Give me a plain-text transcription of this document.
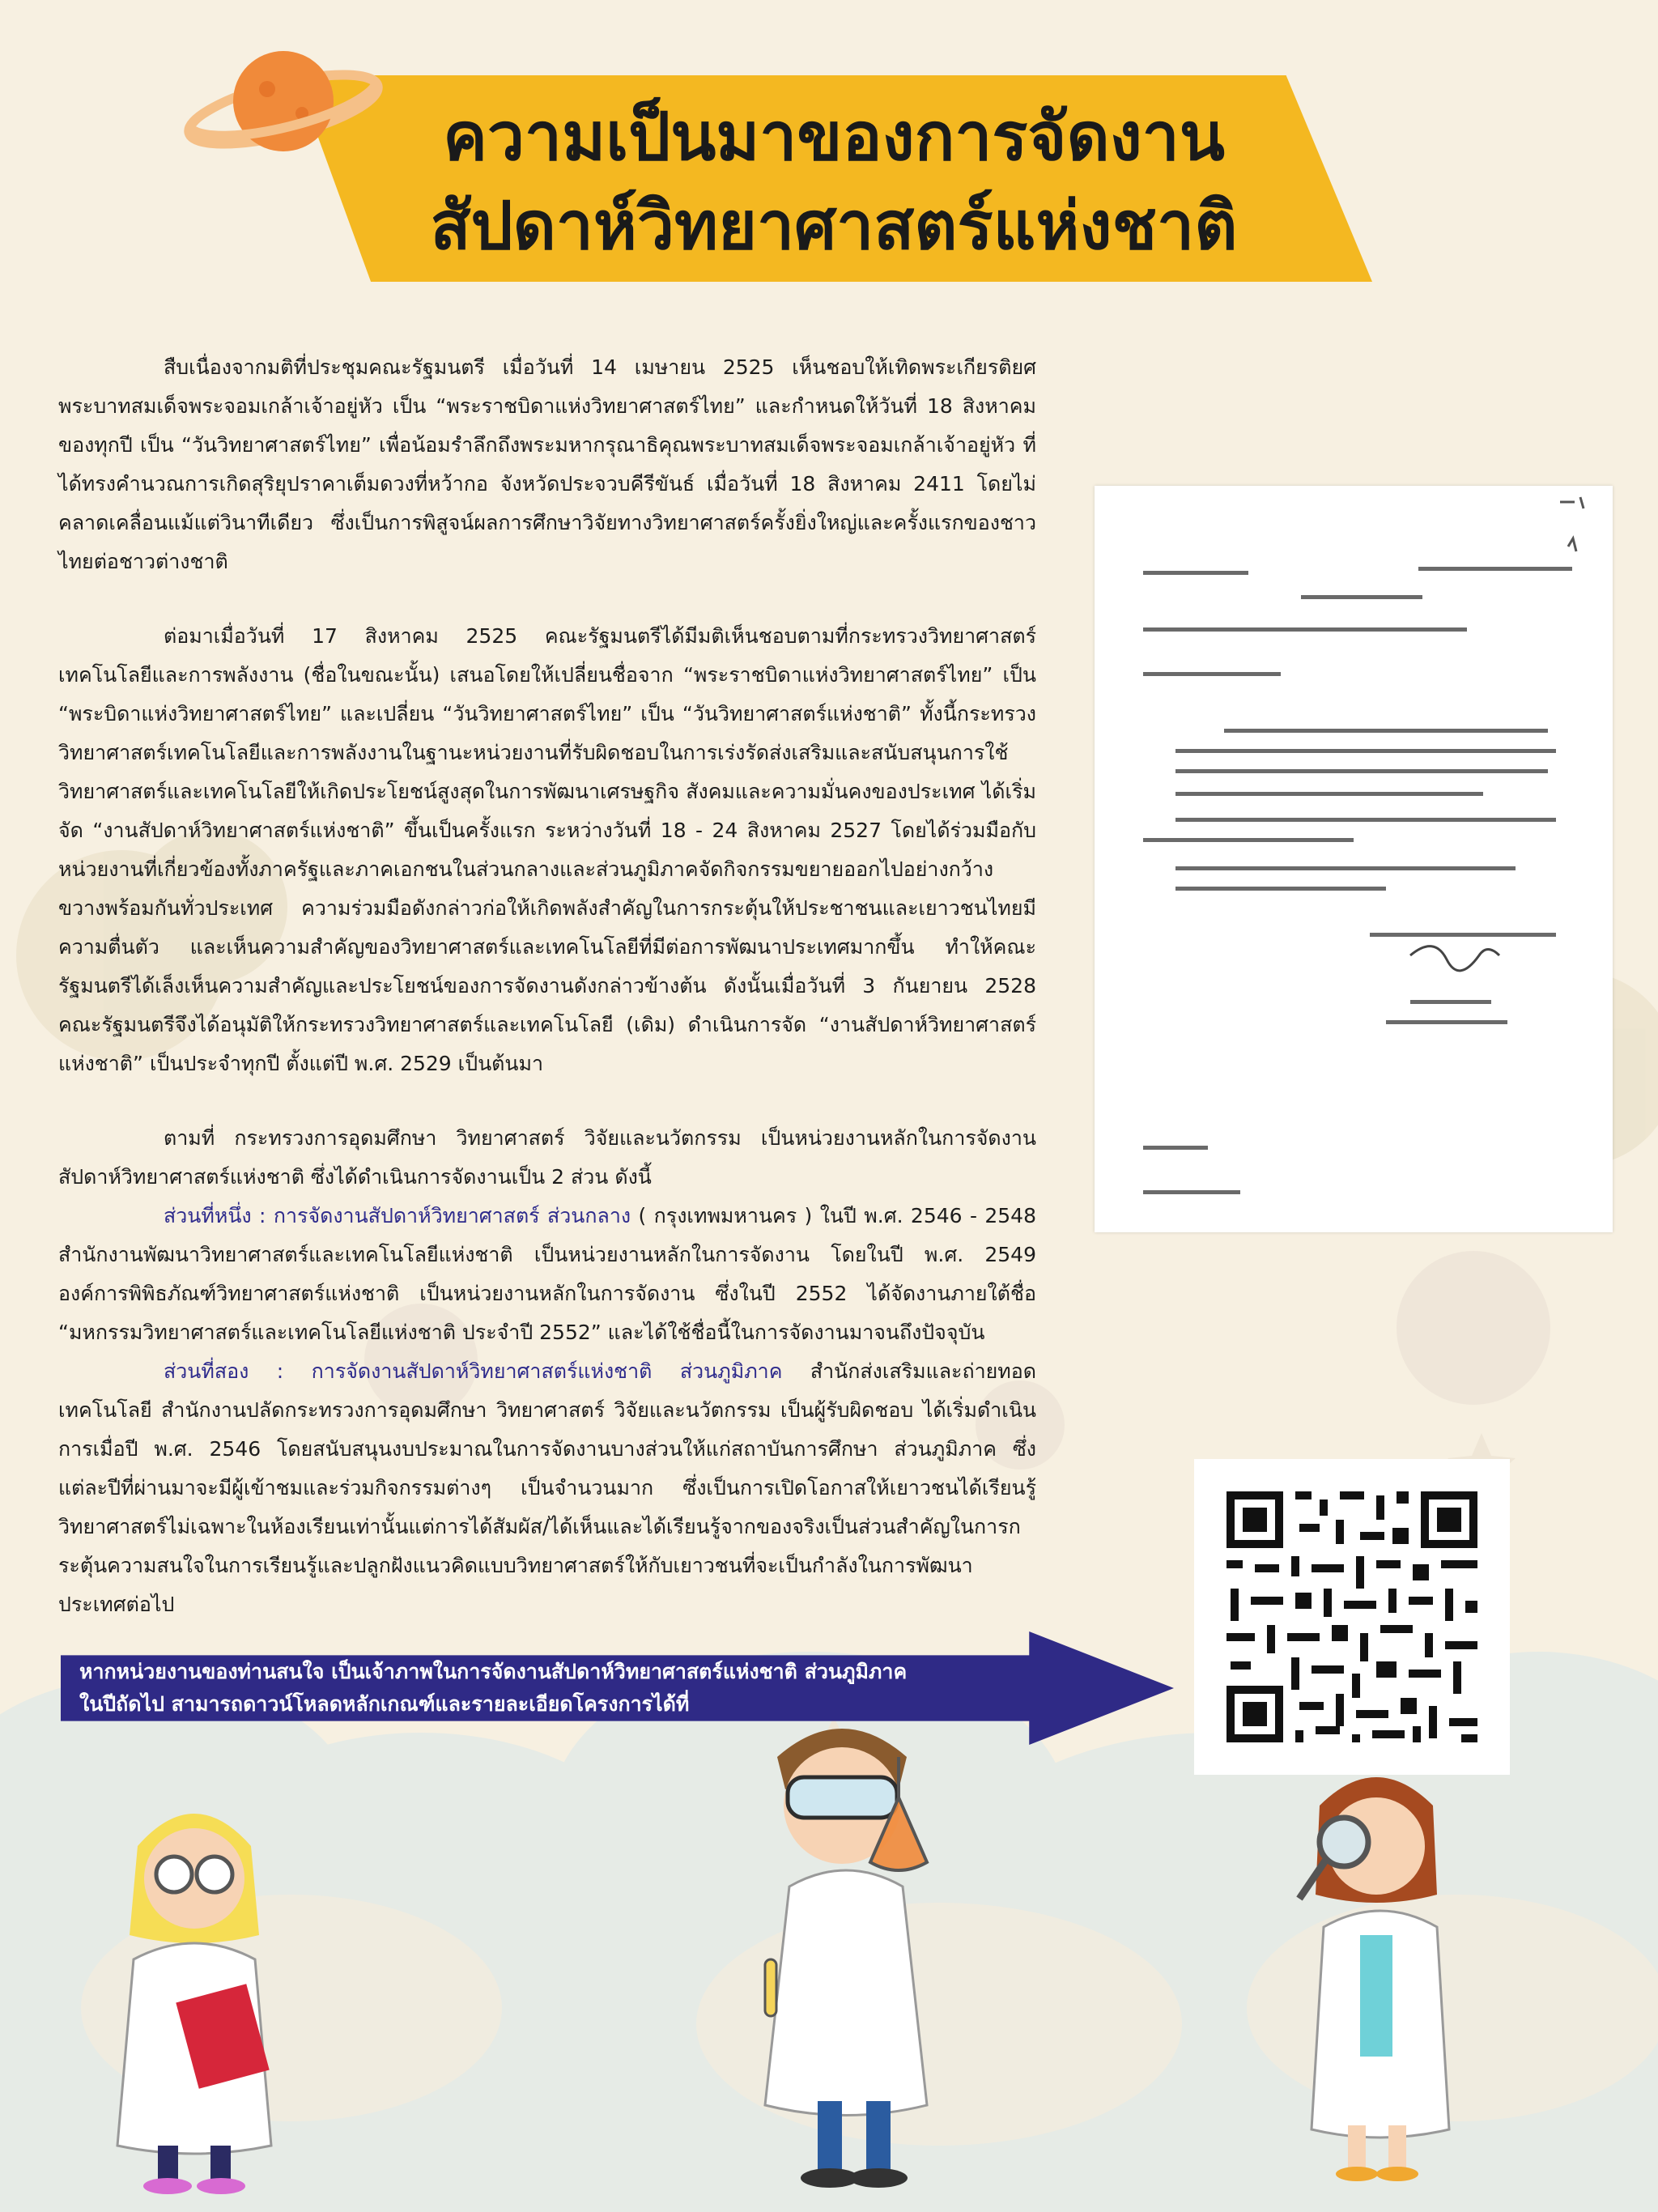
ความเป็นมาของการจัดงาน
สัปดาห์วิทยาศาสตร์แห่งชาติ

สืบเนื่องจากมติที่ประชุมคณะรัฐมนตรี เมื่อวันที่ 14 เมษายน 2525 เห็นชอบให้เทิดพระเกียรติยศพระบาทสมเด็จพระจอมเกล้าเจ้าอยู่หัว เป็น “พระราชบิดาแห่งวิทยาศาสตร์ไทย” และกำหนดให้วันที่ 18 สิงหาคมของทุกปี เป็น “วันวิทยาศาสตร์ไทย” เพื่อน้อมรำลึกถึงพระมหากรุณาธิคุณพระบาทสมเด็จพระจอมเกล้าเจ้าอยู่หัว ที่ได้ทรงคำนวณการเกิดสุริยุปราคาเต็มดวงที่หว้ากอ จังหวัดประจวบคีรีขันธ์ เมื่อวันที่ 18 สิงหาคม 2411 โดยไม่คลาดเคลื่อนแม้แต่วินาทีเดียว ซึ่งเป็นการพิสูจน์ผลการศึกษาวิจัยทางวิทยาศาสตร์ครั้งยิ่งใหญ่และครั้งแรกของชาวไทยต่อชาวต่างชาติ

ต่อมาเมื่อวันที่ 17 สิงหาคม 2525 คณะรัฐมนตรีได้มีมติเห็นชอบตามที่กระทรวงวิทยาศาสตร์ เทคโนโลยีและการพลังงาน (ชื่อในขณะนั้น) เสนอโดยให้เปลี่ยนชื่อจาก “พระราชบิดาแห่งวิทยาศาสตร์ไทย” เป็น “พระบิดาแห่งวิทยาศาสตร์ไทย” และเปลี่ยน “วันวิทยาศาสตร์ไทย” เป็น “วันวิทยาศาสตร์แห่งชาติ” ทั้งนี้กระทรวงวิทยาศาสตร์เทคโนโลยีและการพลังงานในฐานะหน่วยงานที่รับผิดชอบในการเร่งรัดส่งเสริมและสนับสนุนการใช้วิทยาศาสตร์และเทคโนโลยีให้เกิดประโยชน์สูงสุดในการพัฒนาเศรษฐกิจ สังคมและความมั่นคงของประเทศ ได้เริ่มจัด “งานสัปดาห์วิทยาศาสตร์แห่งชาติ” ขึ้นเป็นครั้งแรก ระหว่างวันที่ 18 - 24 สิงหาคม 2527 โดยได้ร่วมมือกับหน่วยงานที่เกี่ยวข้องทั้งภาครัฐและภาคเอกชนในส่วนกลางและส่วนภูมิภาคจัดกิจกรรมขยายออกไปอย่างกว้างขวางพร้อมกันทั่วประเทศ ความร่วมมือดังกล่าวก่อให้เกิดพลังสำคัญในการกระตุ้นให้ประชาชนและเยาวชนไทยมีความตื่นตัว และเห็นความสำคัญของวิทยาศาสตร์และเทคโนโลยีที่มีต่อการพัฒนาประเทศมากขึ้น ทำให้คณะรัฐมนตรีได้เล็งเห็นความสำคัญและประโยชน์ของการจัดงานดังกล่าวข้างต้น ดังนั้นเมื่อวันที่ 3 กันยายน 2528 คณะรัฐมนตรีจึงได้อนุมัติให้กระทรวงวิทยาศาสตร์และเทคโนโลยี (เดิม) ดำเนินการจัด “งานสัปดาห์วิทยาศาสตร์แห่งชาติ” เป็นประจำทุกปี ตั้งแต่ปี พ.ศ. 2529 เป็นต้นมา

ตามที่ กระทรวงการอุดมศึกษา วิทยาศาสตร์ วิจัยและนวัตกรรม เป็นหน่วยงานหลักในการจัดงานสัปดาห์วิทยาศาสตร์แห่งชาติ ซึ่งได้ดำเนินการจัดงานเป็น 2 ส่วน ดังนี้

ส่วนที่หนึ่ง : การจัดงานสัปดาห์วิทยาศาสตร์ ส่วนกลาง ( กรุงเทพมหานคร ) ในปี พ.ศ. 2546 - 2548 สำนักงานพัฒนาวิทยาศาสตร์และเทคโนโลยีแห่งชาติ เป็นหน่วยงานหลักในการจัดงาน โดยในปี พ.ศ. 2549 องค์การพิพิธภัณฑ์วิทยาศาสตร์แห่งชาติ เป็นหน่วยงานหลักในการจัดงาน ซึ่งในปี 2552 ได้จัดงานภายใต้ชื่อ “มหกรรมวิทยาศาสตร์และเทคโนโลยีแห่งชาติ ประจำปี 2552” และได้ใช้ชื่อนี้ในการจัดงานมาจนถึงปัจจุบัน

ส่วนที่สอง : การจัดงานสัปดาห์วิทยาศาสตร์แห่งชาติ ส่วนภูมิภาค สำนักส่งเสริมและถ่ายทอดเทคโนโลยี สำนักงานปลัดกระทรวงการอุดมศึกษา วิทยาศาสตร์ วิจัยและนวัตกรรม เป็นผู้รับผิดชอบ ได้เริ่มดำเนินการเมื่อปี พ.ศ. 2546 โดยสนับสนุนงบประมาณในการจัดงานบางส่วนให้แก่สถาบันการศึกษา ส่วนภูมิภาค ซึ่งแต่ละปีที่ผ่านมาจะมีผู้เข้าชมและร่วมกิจกรรมต่างๆ เป็นจำนวนมาก ซึ่งเป็นการเปิดโอกาสให้เยาวชนได้เรียนรู้วิทยาศาสตร์ไม่เฉพาะในห้องเรียนเท่านั้นแต่การได้สัมผัส/ได้เห็นและได้เรียนรู้จากของจริงเป็นส่วนสำคัญในการกระตุ้นความสนใจในการเรียนรู้และปลูกฝังแนวคิดแบบวิทยาศาสตร์ให้กับเยาวชนที่จะเป็นกำลังในการพัฒนาประเทศต่อไป

หากหน่วยงานของท่านสนใจ เป็นเจ้าภาพในการจัดงานสัปดาห์วิทยาศาสตร์แห่งชาติ ส่วนภูมิภาค
ในปีถัดไป สามารถดาวน์โหลดหลักเกณฑ์และรายละเอียดโครงการได้ที่
